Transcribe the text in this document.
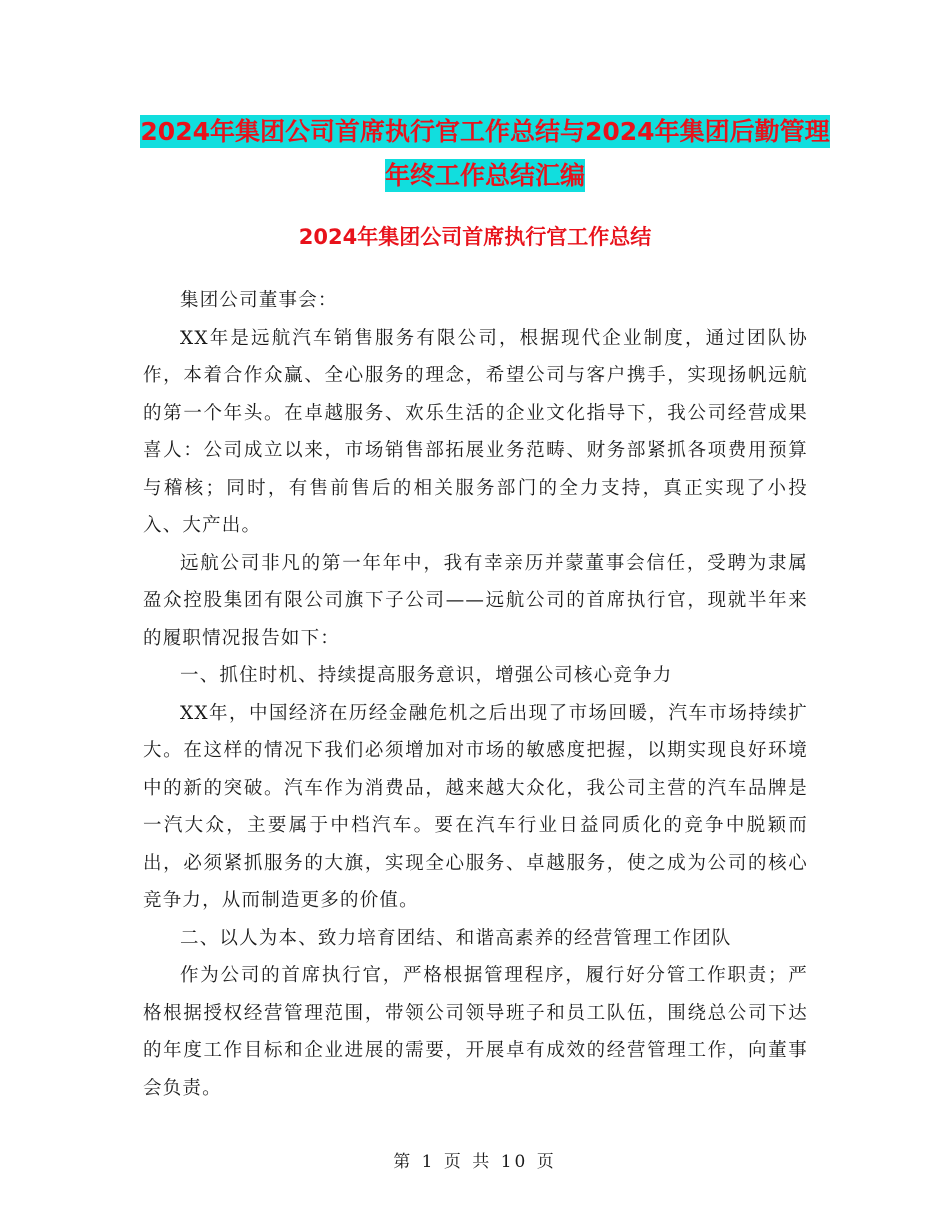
2024年集团公司首席执行官工作总结与2024年集团后勤管理年终工作总结汇编
2024年集团公司首席执行官工作总结

集团公司董事会：

XX年是远航汽车销售服务有限公司，根据现代企业制度，通过团队协作，本着合作众赢、全心服务的理念，希望公司与客户携手，实现扬帆远航的第一个年头。在卓越服务、欢乐生活的企业文化指导下，我公司经营成果喜人：公司成立以来，市场销售部拓展业务范畴、财务部紧抓各项费用预算与稽核；同时，有售前售后的相关服务部门的全力支持，真正实现了小投入、大产出。

远航公司非凡的第一年年中，我有幸亲历并蒙董事会信任，受聘为隶属盈众控股集团有限公司旗下子公司——远航公司的首席执行官，现就半年来的履职情况报告如下：

一、抓住时机、持续提高服务意识，增强公司核心竞争力

XX年，中国经济在历经金融危机之后出现了市场回暖，汽车市场持续扩大。在这样的情况下我们必须增加对市场的敏感度把握，以期实现良好环境中的新的突破。汽车作为消费品，越来越大众化，我公司主营的汽车品牌是一汽大众，主要属于中档汽车。要在汽车行业日益同质化的竞争中脱颖而出，必须紧抓服务的大旗，实现全心服务、卓越服务，使之成为公司的核心竞争力，从而制造更多的价值。

二、以人为本、致力培育团结、和谐高素养的经营管理工作团队

作为公司的首席执行官，严格根据管理程序，履行好分管工作职责；严格根据授权经营管理范围，带领公司领导班子和员工队伍，围绕总公司下达的年度工作目标和企业进展的需要，开展卓有成效的经营管理工作，向董事会负责。

第 1 页 共 10 页
